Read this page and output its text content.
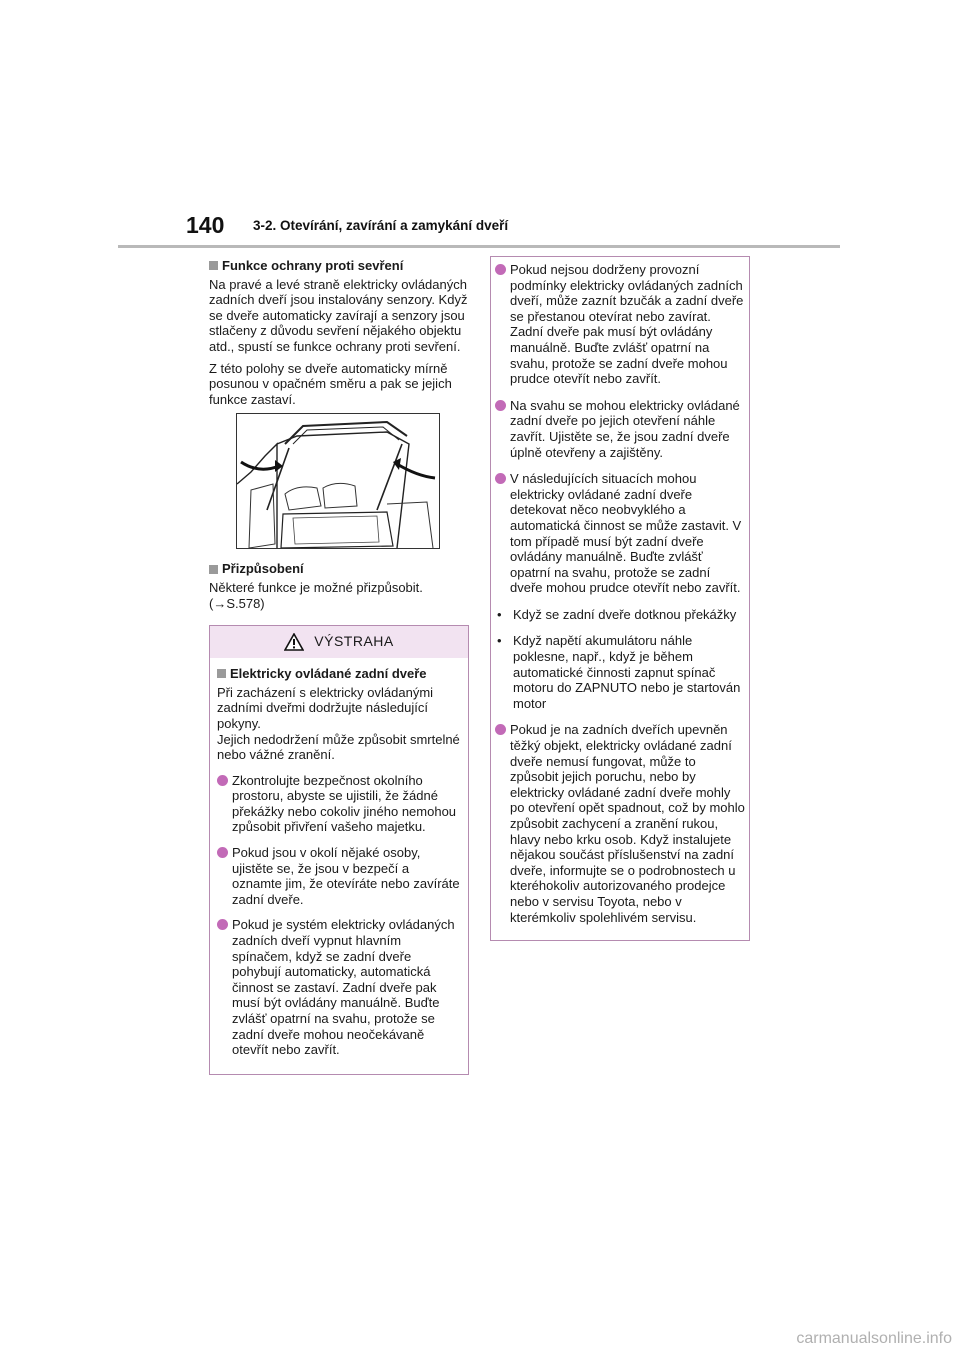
140 3-2. Otevírání, zavírání a zamykání dveří
Funkce ochrany proti sevření

Na pravé a levé straně elektricky ovládaných zadních dveří jsou instalovány senzory. Když se dveře automaticky zavírají a senzory jsou stlačeny z důvodu sevření nějakého objektu atd., spustí se funkce ochrany proti sevření.

Z této polohy se dveře automaticky mírně posunou v opačném směru a pak se jejich funkce zastaví.

Přizpůsobení

Některé funkce je možné přizpůsobit. (→S.578)

VÝSTRAHA
Elektricky ovládané zadní dveře

Při zacházení s elektricky ovládanými zadními dveřmi dodržujte následující pokyny.

Jejich nedodržení může způsobit smrtelné nebo vážné zranění.

Zkontrolujte bezpečnost okolního prostoru, abyste se ujistili, že žádné překážky nebo cokoliv jiného nemohou způsobit přivření vašeho majetku.
Pokud jsou v okolí nějaké osoby, ujistěte se, že jsou v bezpečí a oznamte jim, že otevíráte nebo zavíráte zadní dveře.
Pokud je systém elektricky ovládaných zadních dveří vypnut hlavním spínačem, když se zadní dveře pohybují automaticky, automatická činnost se zastaví. Zadní dveře pak musí být ovládány manuálně. Buďte zvlášť opatrní na svahu, protože se zadní dveře mohou neočekávaně otevřít nebo zavřít.
Pokud nejsou dodrženy provozní podmínky elektricky ovládaných zadních dveří, může zaznít bzučák a zadní dveře se přestanou otevírat nebo zavírat. Zadní dveře pak musí být ovládány manuálně. Buďte zvlášť opatrní na svahu, protože se zadní dveře mohou prudce otevřít nebo zavřít.
Na svahu se mohou elektricky ovládané zadní dveře po jejich otevření náhle zavřít. Ujistěte se, že jsou zadní dveře úplně otevřeny a zajištěny.
V následujících situacích mohou elektricky ovládané zadní dveře detekovat něco neobvyklého a automatická činnost se může zastavit. V tom případě musí být zadní dveře ovládány manuálně. Buďte zvlášť opatrní na svahu, protože se zadní dveře mohou prudce otevřít nebo zavřít.
• Když se zadní dveře dotknou překážky
• Když napětí akumulátoru náhle poklesne, např., když je během automatické činnosti zapnut spínač motoru do ZAPNUTO nebo je startován motor
Pokud je na zadních dveřích upevněn těžký objekt, elektricky ovládané zadní dveře nemusí fungovat, může to způsobit jejich poruchu, nebo by elektricky ovládané zadní dveře mohly po otevření opět spadnout, což by mohlo způsobit zachycení a zranění rukou, hlavy nebo krku osob. Když instalujete nějakou součást příslušenství na zadní dveře, informujte se o podrobnostech u kteréhokoliv autorizovaného prodejce nebo v servisu Toyota, nebo v kterémkoliv spolehlivém servisu.
carmanualsonline.info
